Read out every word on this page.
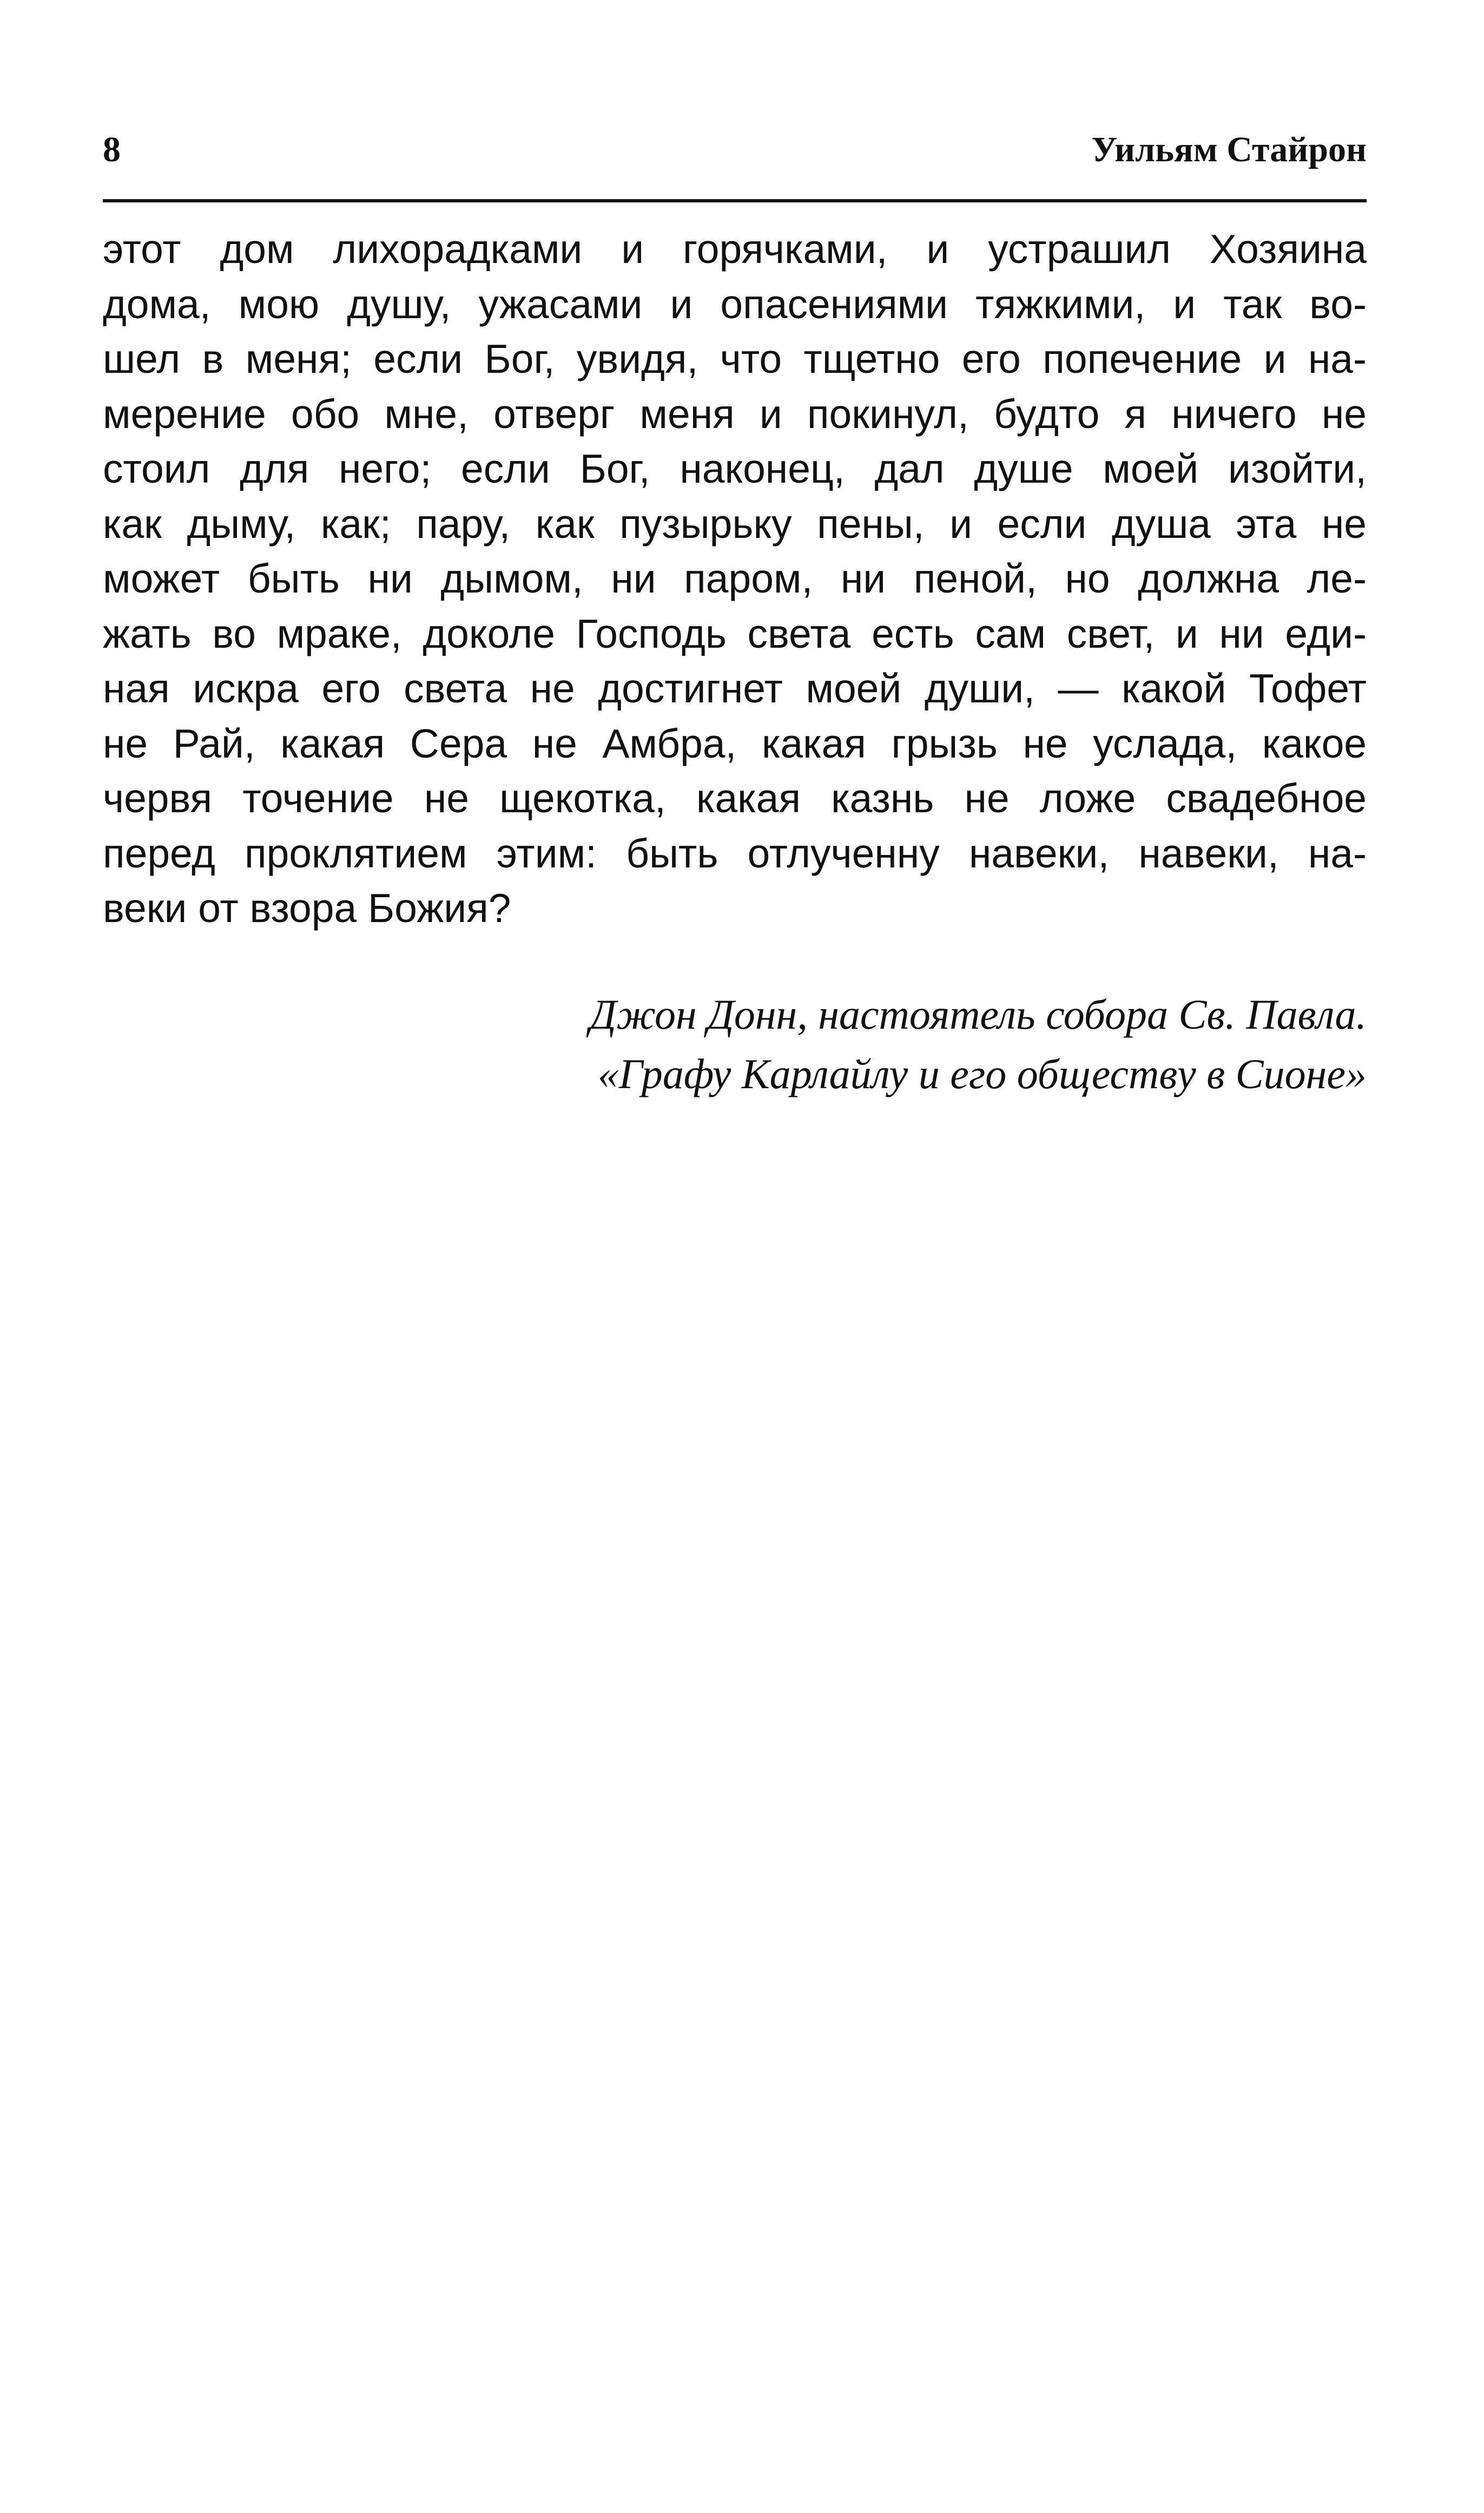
8	Уильям Стайрон
этот дом лихорадками и горячками, и устрашил Хозяина
дома, мою душу, ужасами и опасениями тяжкими, и так во-
шел в меня; если Бог, увидя, что тщетно его попечение и на-
мерение обо мне, отверг меня и покинул, будто я ничего не
стоил для него; если Бог, наконец, дал душе моей изойти,
как дыму, как; пару, как пузырьку пены, и если душа эта не
может быть ни дымом, ни паром, ни пеной, но должна ле-
жать во мраке, доколе Господь света есть сам свет, и ни еди-
ная искра его света не достигнет моей души, — какой Тофет
не Рай, какая Сера не Амбра, какая грызь не услада, какое
червя точение не щекотка, какая казнь не ложе свадебное
перед проклятием этим: быть отлученну навеки, навеки, на-
веки от взора Божия?
Джон Донн, настоятель собора Св. Павла.
«Графу Карлайлу и его обществу в Сионе»
